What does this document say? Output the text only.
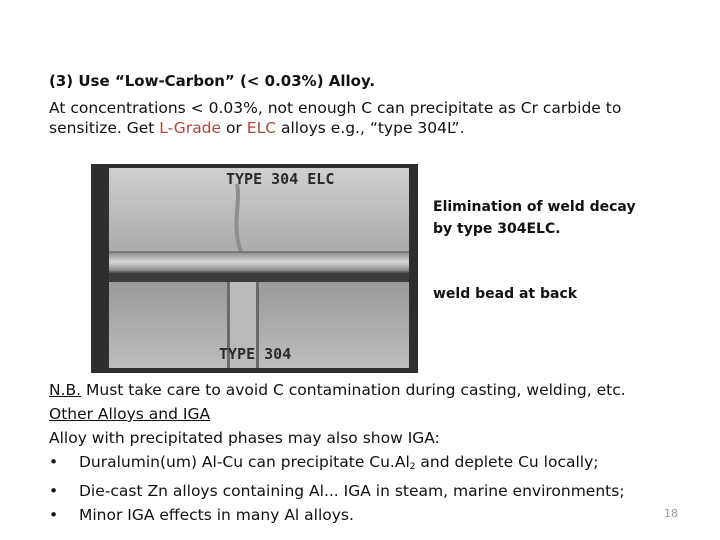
(3) Use “Low-Carbon” (< 0.03%) Alloy.
At concentrations < 0.03%, not enough C can precipitate as Cr carbide to sensitize. Get L-Grade or ELC alloys e.g., “type 304L”.
TYPE 304 ELC
TYPE 304
Elimination of weld decay
by type 304ELC.
weld bead at back
N.B. Must take care to avoid C contamination during casting, welding, etc.
Other Alloys and IGA
Alloy with precipitated phases may also show IGA:
•	Duralumin(um) Al-Cu can precipitate $Cu.Al_2$ and deplete Cu locally;
•	Die-cast Zn alloys containing Al... IGA in steam, marine environments;
•	Minor IGA effects in many Al alloys.	18
